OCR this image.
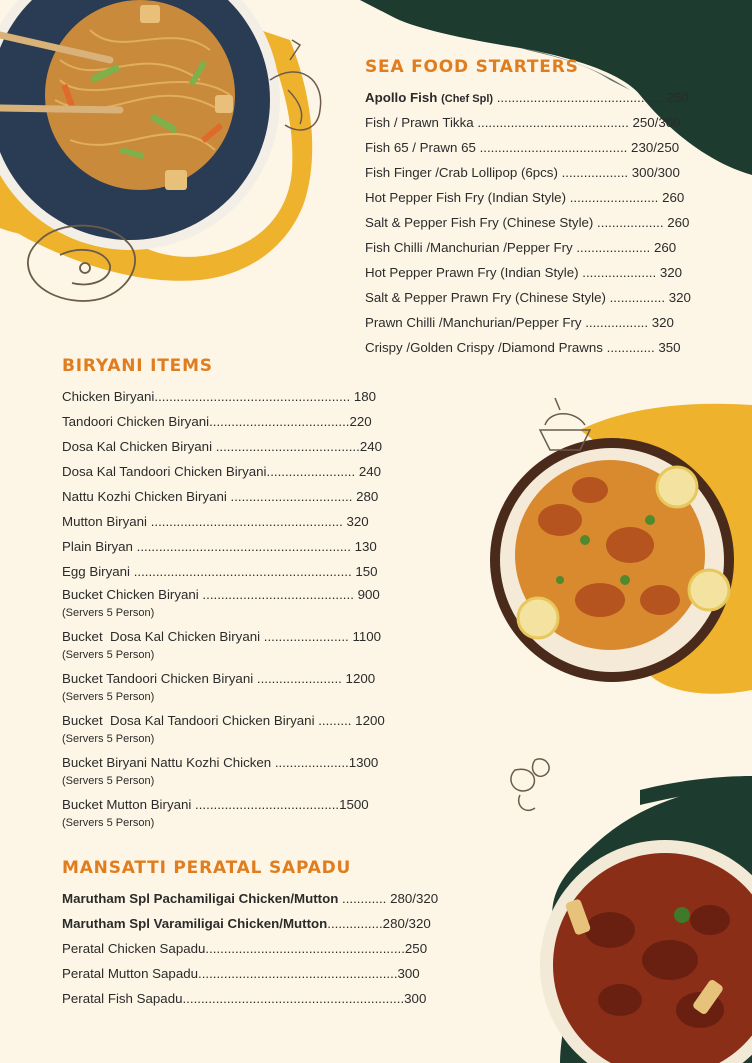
SEA FOOD STARTERS
Apollo Fish (Chef Spl) ............................................. 250
Fish / Prawn Tikka ......................................... 250/300
Fish 65 / Prawn 65 ........................................ 230/250
Fish Finger /Crab Lollipop (6pcs) .................. 300/300
Hot Pepper Fish Fry (Indian Style) ........................ 260
Salt & Pepper Fish Fry (Chinese Style) .................. 260
Fish Chilli /Manchurian /Pepper Fry .................... 260
Hot Pepper Prawn Fry (Indian Style) .................... 320
Salt & Pepper Prawn Fry (Chinese Style) ............... 320
Prawn Chilli /Manchurian/Pepper Fry ................. 320
Crispy /Golden Crispy /Diamond Prawns ............. 350
BIRYANI ITEMS
Chicken Biryani..................................................... 180
Tandoori Chicken Biryani......................................220
Dosa Kal Chicken Biryani .......................................240
Dosa Kal Tandoori Chicken Biryani........................ 240
Nattu Kozhi Chicken Biryani ................................. 280
Mutton Biryani .................................................... 320
Plain Biryan .......................................................... 130
Egg Biryani ........................................................... 150
Bucket Chicken Biryani ......................................... 900
(Servers 5 Person)
Bucket  Dosa Kal Chicken Biryani ....................... 1100
(Servers 5 Person)
Bucket Tandoori Chicken Biryani ....................... 1200
(Servers 5 Person)
Bucket  Dosa Kal Tandoori Chicken Biryani ......... 1200
(Servers 5 Person)
Bucket Biryani Nattu Kozhi Chicken ....................1300
(Servers 5 Person)
Bucket Mutton Biryani .......................................1500
(Servers 5 Person)
MANSATTI PERATAL SAPADU
Marutham Spl Pachamiligai Chicken/Mutton ............ 280/320
Marutham Spl Varamiligai Chicken/Mutton...............280/320
Peratal Chicken Sapadu......................................................250
Peratal Mutton Sapadu......................................................300
Peratal Fish Sapadu............................................................300
